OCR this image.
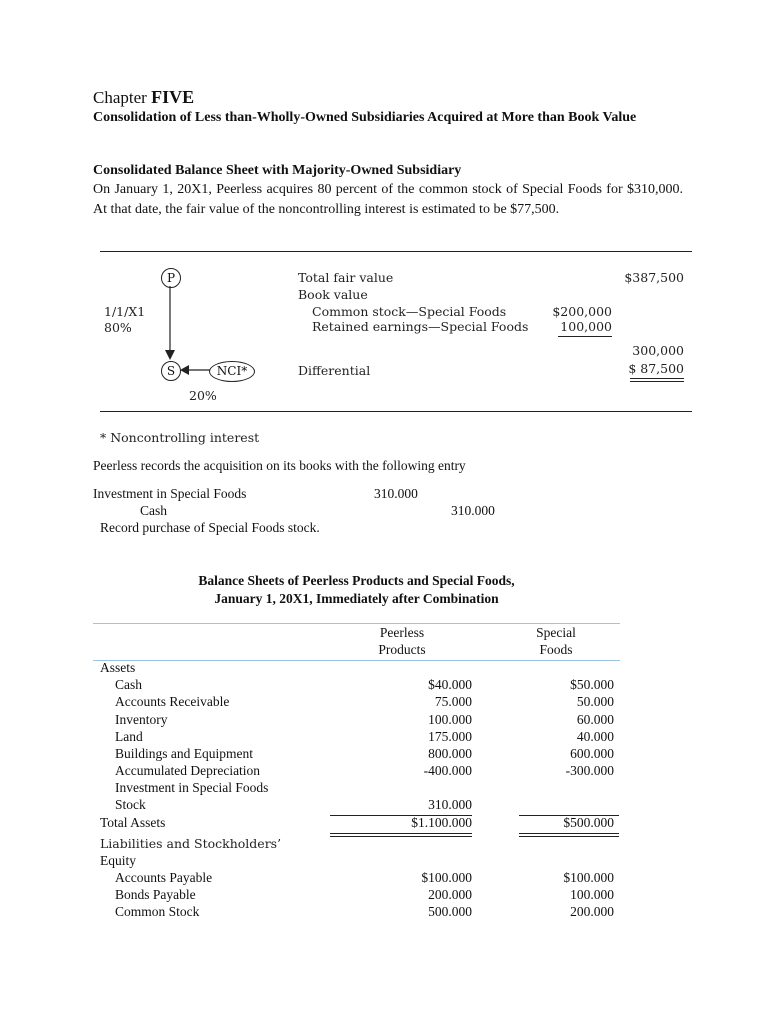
Chapter FIVE
Consolidation of Less than-Wholly-Owned Subsidiaries Acquired at More than Book Value
Consolidated Balance Sheet with Majority-Owned Subsidiary
On January 1, 20X1, Peerless acquires 80 percent of the common stock of Special Foods for $310,000. At that date, the fair value of the noncontrolling interest is estimated to be $77,500.
P
S	NCI*
1/1/X1
80%
20%
Total fair value	$387,500
Book value
Common stock—Special Foods	$200,000
Retained earnings—Special Foods	100,000
300,000
Differential	$ 87,500
* Noncontrolling interest
Peerless records the acquisition on its books with the following entry
Investment in Special Foods	310.000
Cash	310.000
Record purchase of Special Foods stock.
Balance Sheets of Peerless Products and Special Foods,
January 1, 20X1, Immediately after Combination
Peerless
Products
Special
Foods
Assets
Cash	$40.000	$50.000
Accounts Receivable	75.000	50.000
Inventory	100.000	60.000
Land	175.000	40.000
Buildings and Equipment	800.000	600.000
Accumulated Depreciation	-400.000	-300.000
Investment in Special Foods
Stock	310.000
Total Assets	$1.100.000	$500.000
Liabilities and Stockholders’
Equity
Accounts Payable	$100.000	$100.000
Bonds Payable	200.000	100.000
Common Stock	500.000	200.000
